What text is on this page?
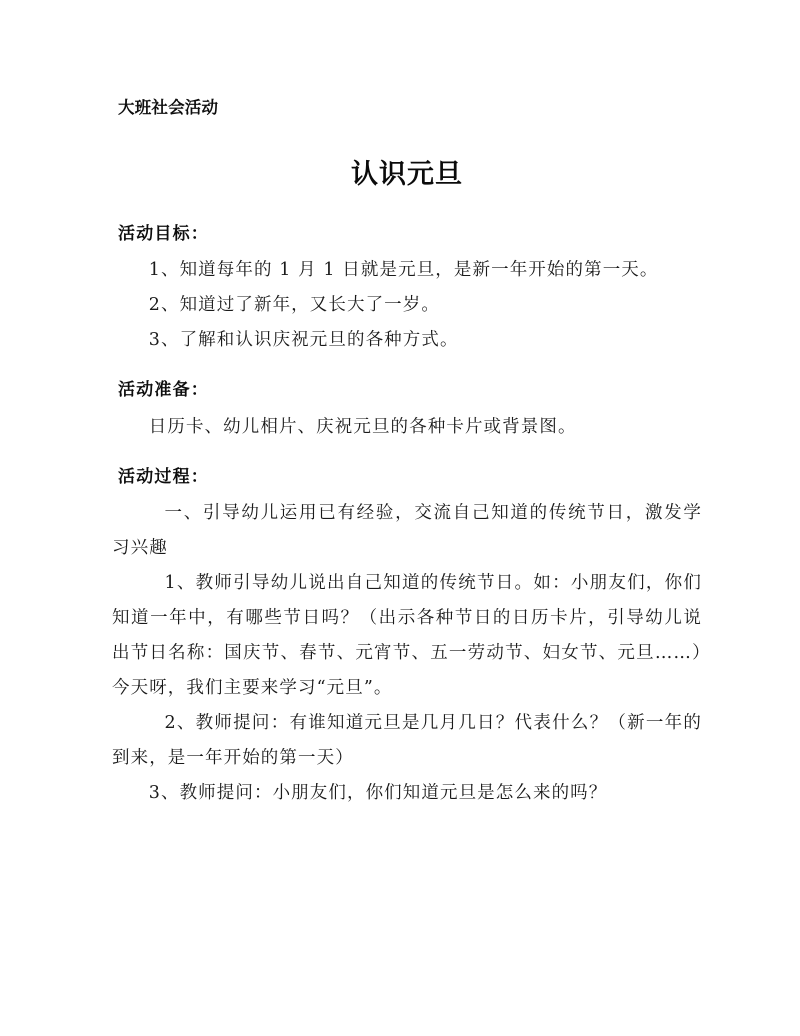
大班社会活动
认识元旦
活动目标：

1、知道每年的 1 月 1 日就是元旦，是新一年开始的第一天。

2、知道过了新年，又长大了一岁。

3、了解和认识庆祝元旦的各种方式。

活动准备：

日历卡、幼儿相片、庆祝元旦的各种卡片或背景图。

活动过程：

一、引导幼儿运用已有经验，交流自己知道的传统节日，激发学习兴趣

1、教师引导幼儿说出自己知道的传统节日。如：小朋友们，你们知道一年中，有哪些节日吗？（出示各种节日的日历卡片，引导幼儿说出节日名称：国庆节、春节、元宵节、五一劳动节、妇女节、元旦……）今天呀，我们主要来学习“元旦”。

2、教师提问：有谁知道元旦是几月几日？代表什么？（新一年的到来，是一年开始的第一天）

3、教师提问：小朋友们，你们知道元旦是怎么来的吗？
